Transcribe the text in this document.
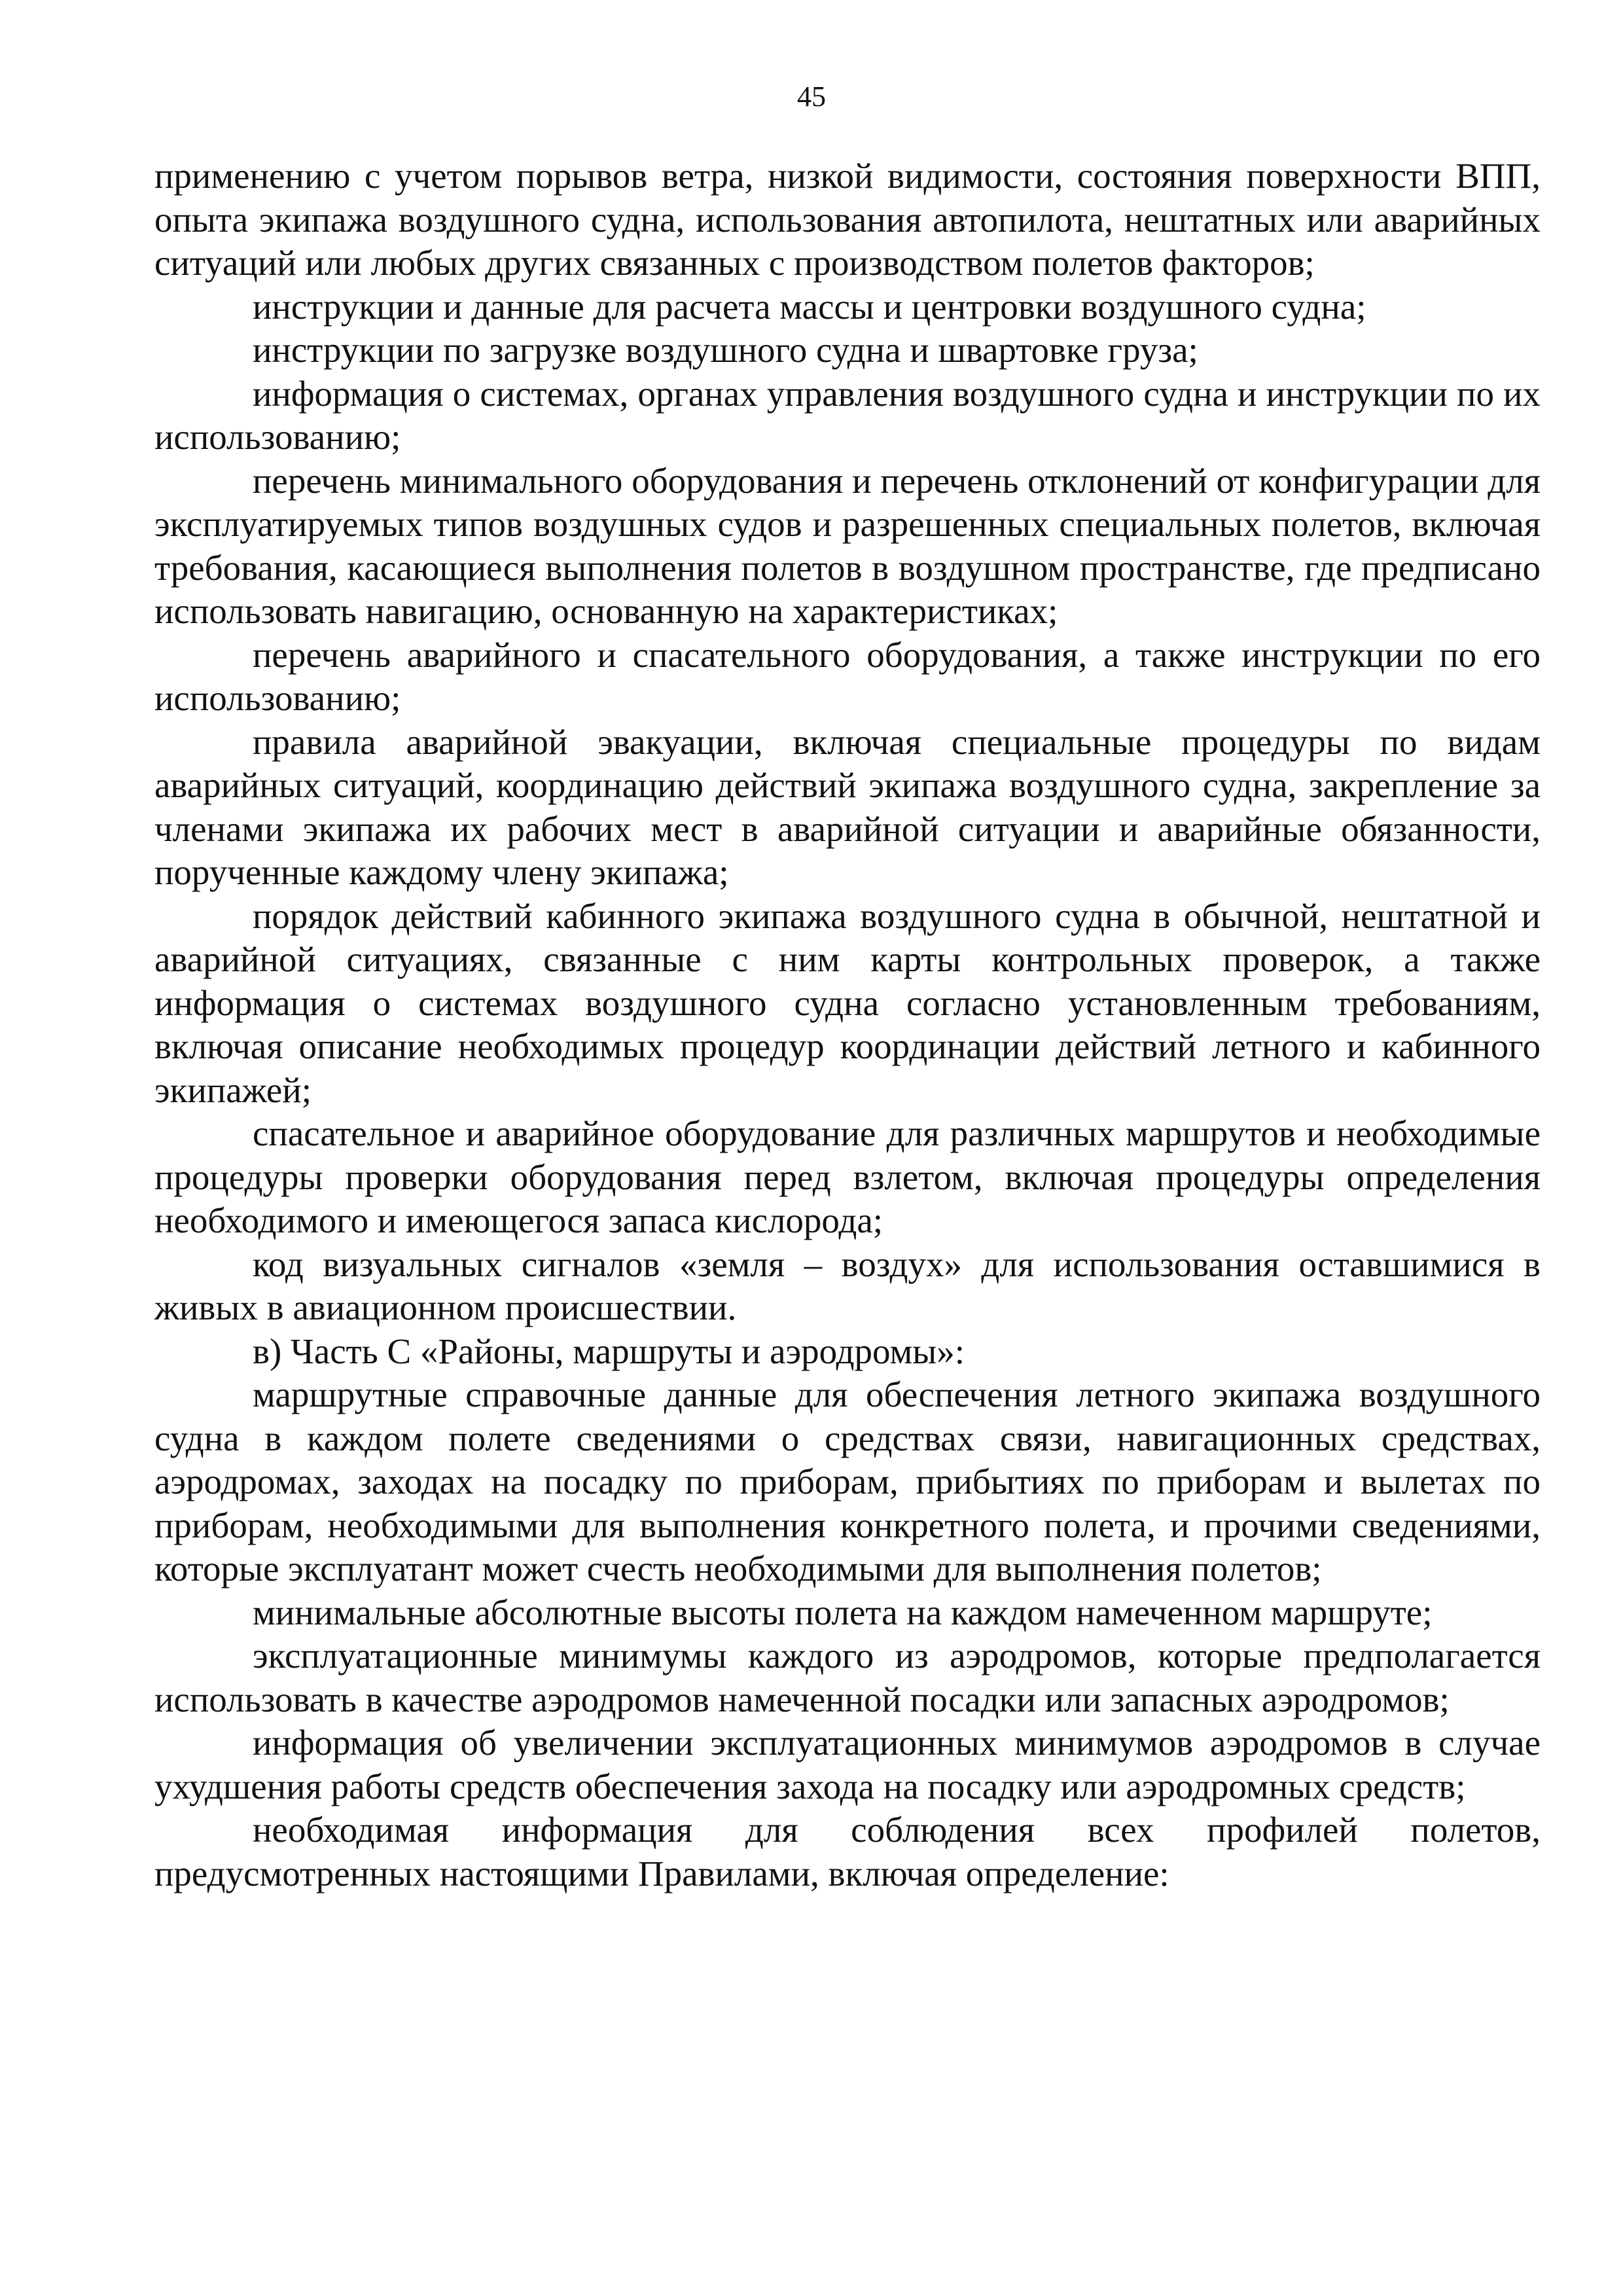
45

применению с учетом порывов ветра, низкой видимости, состояния поверхности ВПП, опыта экипажа воздушного судна, использования автопилота, нештатных или аварийных ситуаций или любых других связанных с производством полетов факторов;

инструкции и данные для расчета массы и центровки воздушного судна;

инструкции по загрузке воздушного судна и швартовке груза;

информация о системах, органах управления воздушного судна и инструкции по их использованию;

перечень минимального оборудования и перечень отклонений от конфигурации для эксплуатируемых типов воздушных судов и разрешенных специальных полетов, включая требования, касающиеся выполнения полетов в воздушном пространстве, где предписано использовать навигацию, основанную на характеристиках;

перечень аварийного и спасательного оборудования, а также инструкции по его использованию;

правила аварийной эвакуации, включая специальные процедуры по видам аварийных ситуаций, координацию действий экипажа воздушного судна, закрепление за членами экипажа их рабочих мест в аварийной ситуации и аварийные обязанности, порученные каждому члену экипажа;

порядок действий кабинного экипажа воздушного судна в обычной, нештатной и аварийной ситуациях, связанные с ним карты контрольных проверок, а также информация о системах воздушного судна согласно установленным требованиям, включая описание необходимых процедур координации действий летного и кабинного экипажей;

спасательное и аварийное оборудование для различных маршрутов и необходимые процедуры проверки оборудования перед взлетом, включая процедуры определения необходимого и имеющегося запаса кислорода;

код визуальных сигналов «земля – воздух» для использования оставшимися в живых в авиационном происшествии.

в) Часть C «Районы, маршруты и аэродромы»:

маршрутные справочные данные для обеспечения летного экипажа воздушного судна в каждом полете сведениями о средствах связи, навигационных средствах, аэродромах, заходах на посадку по приборам, прибытиях по приборам и вылетах по приборам, необходимыми для выполнения конкретного полета, и прочими сведениями, которые эксплуатант может счесть необходимыми для выполнения полетов;

минимальные абсолютные высоты полета на каждом намеченном маршруте;

эксплуатационные минимумы каждого из аэродромов, которые предполагается использовать в качестве аэродромов намеченной посадки или запасных аэродромов;

информация об увеличении эксплуатационных минимумов аэродромов в случае ухудшения работы средств обеспечения захода на посадку или аэродромных средств;

необходимая информация для соблюдения всех профилей полетов, предусмотренных настоящими Правилами, включая определение:
